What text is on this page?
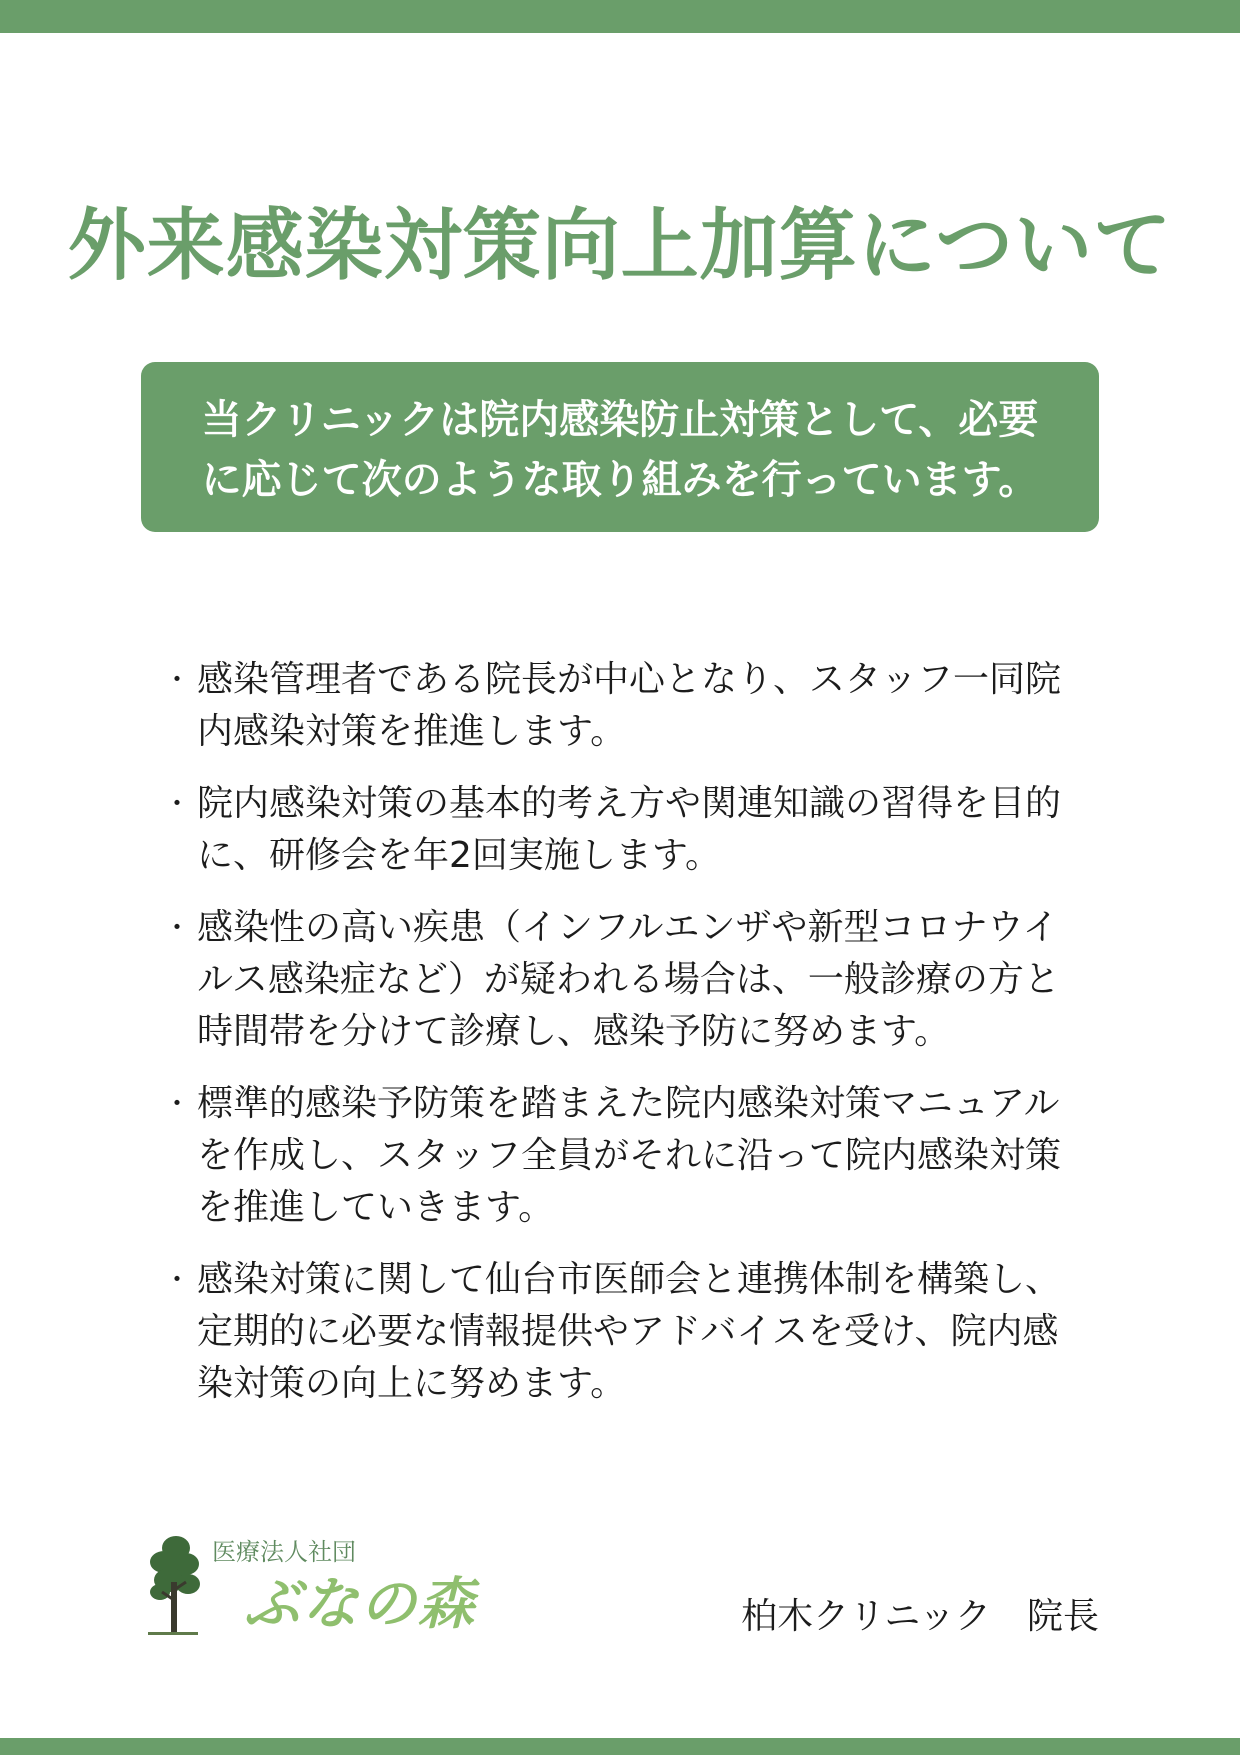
外来感染対策向上加算について
当クリニックは院内感染防止対策として、必要
に応じて次のような取り組みを行っています。
・ 感染管理者である院長が中心となり、スタッフ一同院
内感染対策を推進します。
・ 院内感染対策の基本的考え方や関連知識の習得を目的
に、研修会を年2回実施します。
・ 感染性の高い疾患（インフルエンザや新型コロナウイ
ルス感染症など）が疑われる場合は、一般診療の方と
時間帯を分けて診療し、感染予防に努めます。
・ 標準的感染予防策を踏まえた院内感染対策マニュアル
を作成し、スタッフ全員がそれに沿って院内感染対策
を推進していきます。
・ 感染対策に関して仙台市医師会と連携体制を構築し、
定期的に必要な情報提供やアドバイスを受け、院内感
染対策の向上に努めます。
医療法人社団
ぶなの森	柏木クリニック　院長
